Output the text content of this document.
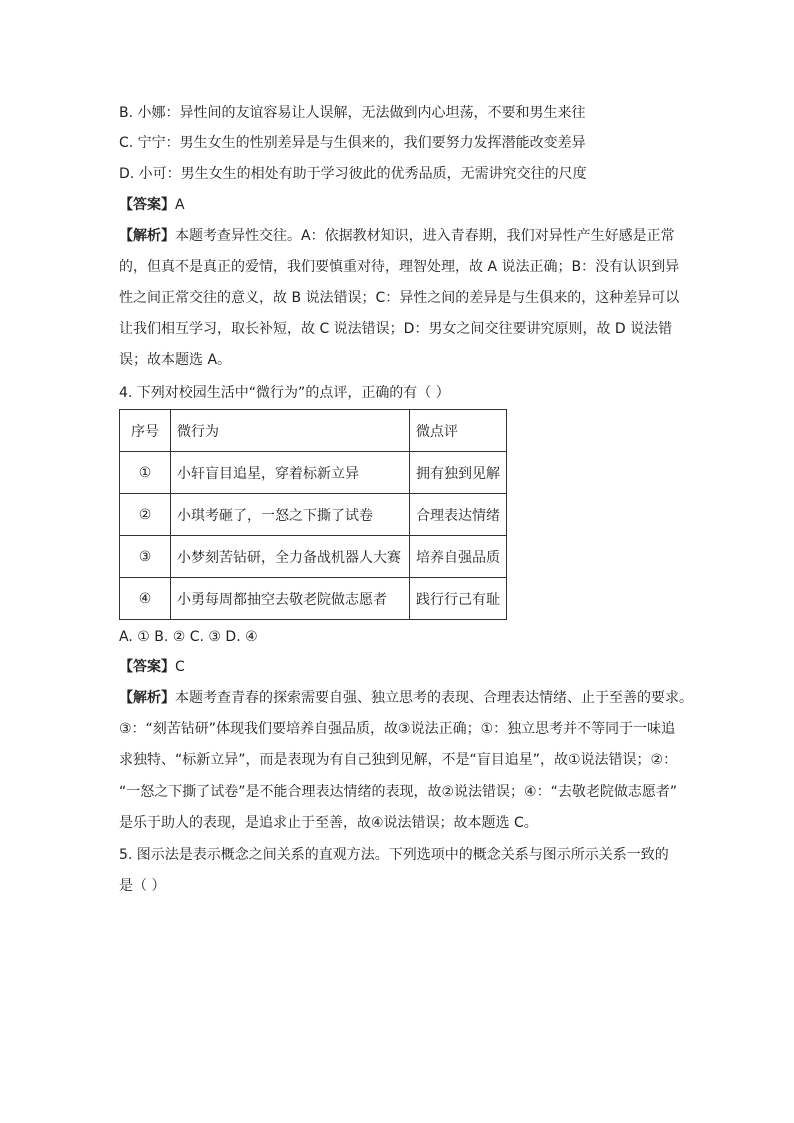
B. 小娜：异性间的友谊容易让人误解，无法做到内心坦荡，不要和男生来往
C. 宁宁：男生女生的性别差异是与生俱来的，我们要努力发挥潜能改变差异
D. 小可：男生女生的相处有助于学习彼此的优秀品质，无需讲究交往的尺度
【答案】A
【解析】本题考查异性交往。A：依据教材知识，进入青春期，我们对异性产生好感是正常
的，但真不是真正的爱情，我们要慎重对待，理智处理，故 A 说法正确；B：没有认识到异
性之间正常交往的意义，故 B 说法错误；C：异性之间的差异是与生俱来的，这种差异可以
让我们相互学习，取长补短，故 C 说法错误；D：男女之间交往要讲究原则，故 D 说法错
误；故本题选 A。
4. 下列对校园生活中“微行为”的点评，正确的有（ ）
序号	微行为	微点评
①	小轩盲目追星，穿着标新立异	拥有独到见解
②	小琪考砸了，一怒之下撕了试卷	合理表达情绪
③	小梦刻苦钻研，全力备战机器人大赛	培养自强品质
④	小勇每周都抽空去敬老院做志愿者	践行行己有耻
A. ① B. ② C. ③ D. ④
【答案】C
【解析】本题考查青春的探索需要自强、独立思考的表现、合理表达情绪、止于至善的要求。
③：“刻苦钻研”体现我们要培养自强品质，故③说法正确；①：独立思考并不等同于一味追
求独特、“标新立异”，而是表现为有自己独到见解，不是“盲目追星”，故①说法错误；②：
“一怒之下撕了试卷”是不能合理表达情绪的表现，故②说法错误；④：“去敬老院做志愿者”
是乐于助人的表现，是追求止于至善，故④说法错误；故本题选 C。
5. 图示法是表示概念之间关系的直观方法。下列选项中的概念关系与图示所示关系一致的
是（ ）
